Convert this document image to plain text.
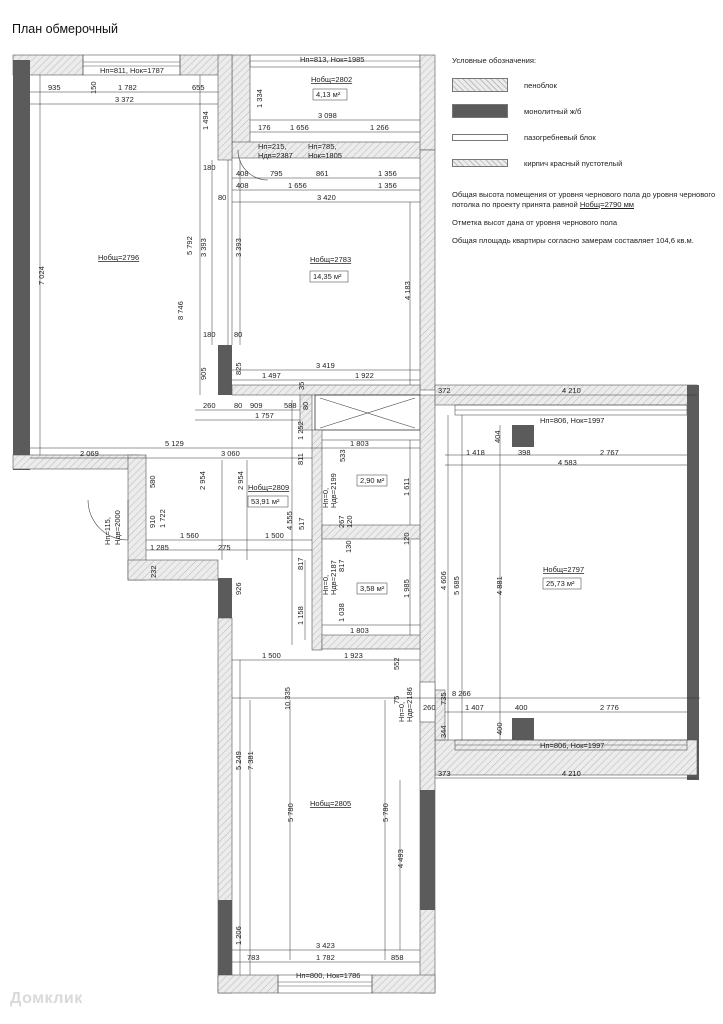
План обмерочный
Hп=811, Hок=1787
Hп=813, Hок=1985
Hп=215,
Hдв=2387
Hп=785,
Hок=1805
Hп=806, Hок=1997
Hп=806, Hок=1997
Hп=800, Hок=1786
Hп=115, Hдв=2000
Hп=0, Hдв=2199
Hп=0, Hдв=2187
Hп=0, Hдв=2186
Hобщ=2796
Hобщ=2802
4,13 м²
Hобщ=2783
14,35 м²
Hобщ=2809
53,91 м²
2,90 м²
3,58 м²
Hобщ=2797
25,73 м²
Hобщ=2805
935	150	1 782	655
3 372	1 334
176	1 656
3 098
1 266
1 494
180
408	795	861	1 356
408	1 656	1 356
80	3 420
7 024
5 792 3 393	3 393
8 746
4 183
180 80
905	825	3 419
1 497	1 922
35
260 80 909	588 80
1 757
1 252
372	4 210
404
1 803
5 129
2 069	3 060	533
811
1 418	398	2 767
4 583
580	2 954	2 954
4 555 517	267 120
1 611
910 1 722
1 560	1 500	120
130
817	817
1 285	275
232
926	4 606 5 685	4 881
1 158	1 038
1 985
1 803
1 500	1 923
552
10 335	8 266
75
260
735
1 407	400	2 776
344	400
373	4 210
5 249 7 381
5 780	5 780
4 493
1 206
3 423
783	1 782	858
Условные обозначения:
пеноблок
монолитный ж/б
пазогребневый блок
кирпич красный пустотелый
Общая высота помещения от уровня чернового пола до уровня чернового потолка по проекту принята равной Hобщ=2790 мм
Отметка высот дана от уровня чернового пола
Общая площадь квартиры согласно замерам составляет 104,6 кв.м.
Домклик
